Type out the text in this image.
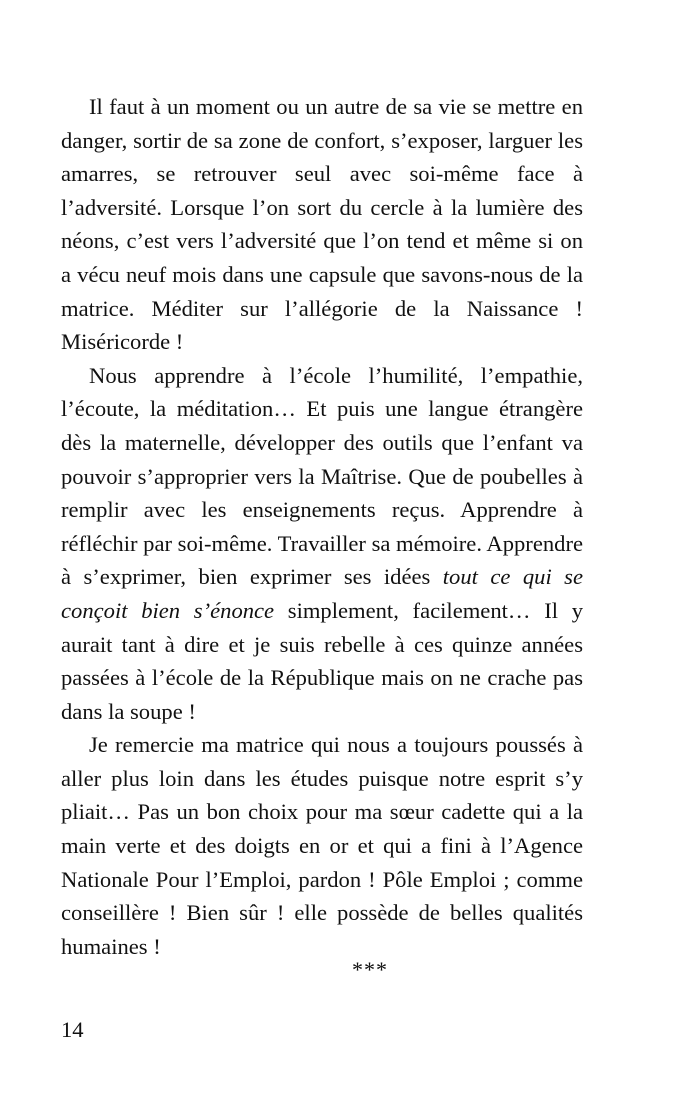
Il faut à un moment ou un autre de sa vie se mettre en danger, sortir de sa zone de confort, s’exposer, larguer les amarres, se retrouver seul avec soi-même face à l’adversité. Lorsque l’on sort du cercle à la lumière des néons, c’est vers l’adversité que l’on tend et même si on a vécu neuf mois dans une capsule que savons-nous de la matrice. Méditer sur l’allégorie de la Naissance ! Miséricorde !

Nous apprendre à l’école l’humilité, l’empathie, l’écoute, la méditation… Et puis une langue étrangère dès la maternelle, développer des outils que l’enfant va pouvoir s’approprier vers la Maîtrise. Que de poubelles à remplir avec les enseignements reçus. Apprendre à réfléchir par soi-même. Travailler sa mémoire. Apprendre à s’exprimer, bien exprimer ses idées tout ce qui se conçoit bien s’énonce simplement, facilement… Il y aurait tant à dire et je suis rebelle à ces quinze années passées à l’école de la République mais on ne crache pas dans la soupe !

Je remercie ma matrice qui nous a toujours poussés à aller plus loin dans les études puisque notre esprit s’y pliait… Pas un bon choix pour ma sœur cadette qui a la main verte et des doigts en or et qui a fini à l’Agence Nationale Pour l’Emploi, pardon ! Pôle Emploi ; comme conseillère ! Bien sûr ! elle possède de belles qualités humaines !

***
14
